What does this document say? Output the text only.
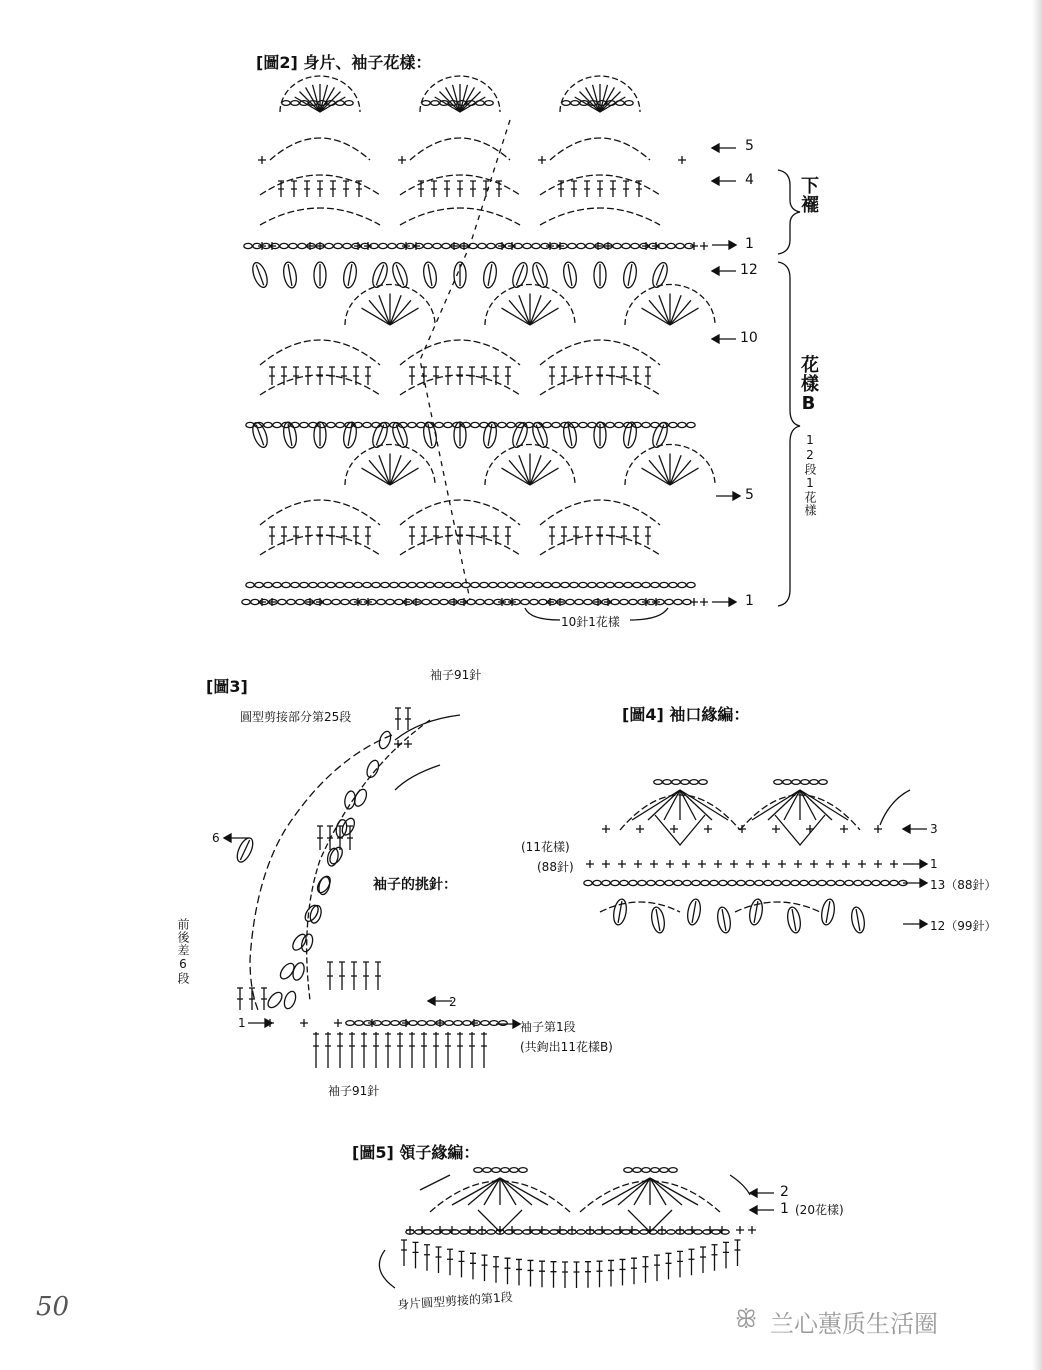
[圖2] 身片、袖子花樣：
5
4
1
12
10
5
1
下襬
花樣B
12段1花樣
10針1花樣
[圖3]
袖子91針
圓型剪接部分第25段
袖子的挑針：
6
前後差6段
2
1	袖子第1段
(共鉤出11花樣B)
袖子91針
[圖4] 袖口緣編：
(11花樣)
(88針)
3
1
13（88針）
12（99針）
[圖5] 領子緣編：
2
1 (20花樣)
身片圓型剪接的第1段
50	ꕥ 兰心蕙质生活圈
